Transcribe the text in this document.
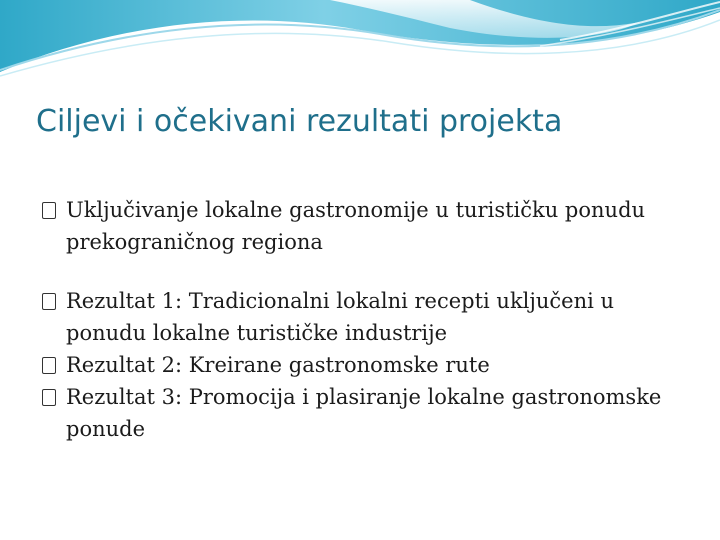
Ciljevi i očekivani rezultati projekta
Uključivanje lokalne gastronomije u turističku ponudu prekograničnog regiona
Rezultat 1: Tradicionalni lokalni recepti uključeni u ponudu lokalne turističke industrije
Rezultat 2: Kreirane gastronomske rute
Rezultat 3: Promocija i plasiranje lokalne gastronomske ponude
